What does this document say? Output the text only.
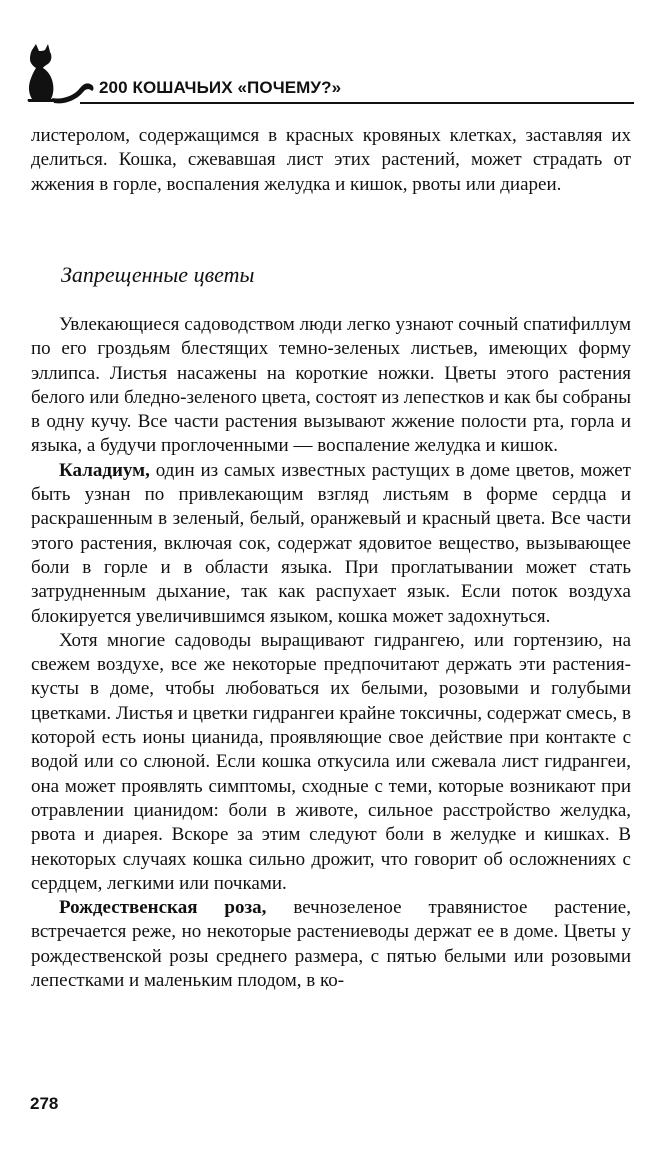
200 КОШАЧЬИХ «ПОЧЕМУ?»

листеролом, содержащимся в красных кровяных клетках, заставляя их делиться. Кошка, сжевавшая лист этих растений, может страдать от жжения в горле, воспаления желудка и кишок, рвоты или диареи.

Запрещенные цветы

Увлекающиеся садоводством люди легко узнают сочный спатифиллум по его гроздьям блестящих темно-зеленых листьев, имеющих форму эллипса. Листья насажены на короткие ножки. Цветы этого растения белого или бледно-зеленого цвета, состоят из лепестков и как бы собраны в одну кучу. Все части растения вызывают жжение полости рта, горла и языка, а будучи проглоченными — воспаление желудка и кишок.

Каладиум, один из самых известных растущих в доме цветов, может быть узнан по привлекающим взгляд листьям в форме сердца и раскрашенным в зеленый, белый, оранжевый и красный цвета. Все части этого растения, включая сок, содержат ядовитое вещество, вызывающее боли в горле и в области языка. При проглатывании может стать затрудненным дыхание, так как распухает язык. Если поток воздуха блокируется увеличившимся языком, кошка может задохнуться.

Хотя многие садоводы выращивают гидрангею, или гортензию, на свежем воздухе, все же некоторые предпочитают держать эти растения-кусты в доме, чтобы любоваться их белыми, розовыми и голубыми цветками. Листья и цветки гидрангеи крайне токсичны, содержат смесь, в которой есть ионы цианида, проявляющие свое действие при контакте с водой или со слюной. Если кошка откусила или сжевала лист гидрангеи, она может проявлять симптомы, сходные с теми, которые возникают при отравлении цианидом: боли в животе, сильное расстройство желудка, рвота и диарея. Вскоре за этим следуют боли в желудке и кишках. В некоторых случаях кошка сильно дрожит, что говорит об осложнениях с сердцем, легкими или почками.

Рождественская роза, вечнозеленое травянистое растение, встречается реже, но некоторые растениеводы держат ее в доме. Цветы у рождественской розы среднего размера, с пятью белыми или розовыми лепестками и маленьким плодом, в ко-

278
